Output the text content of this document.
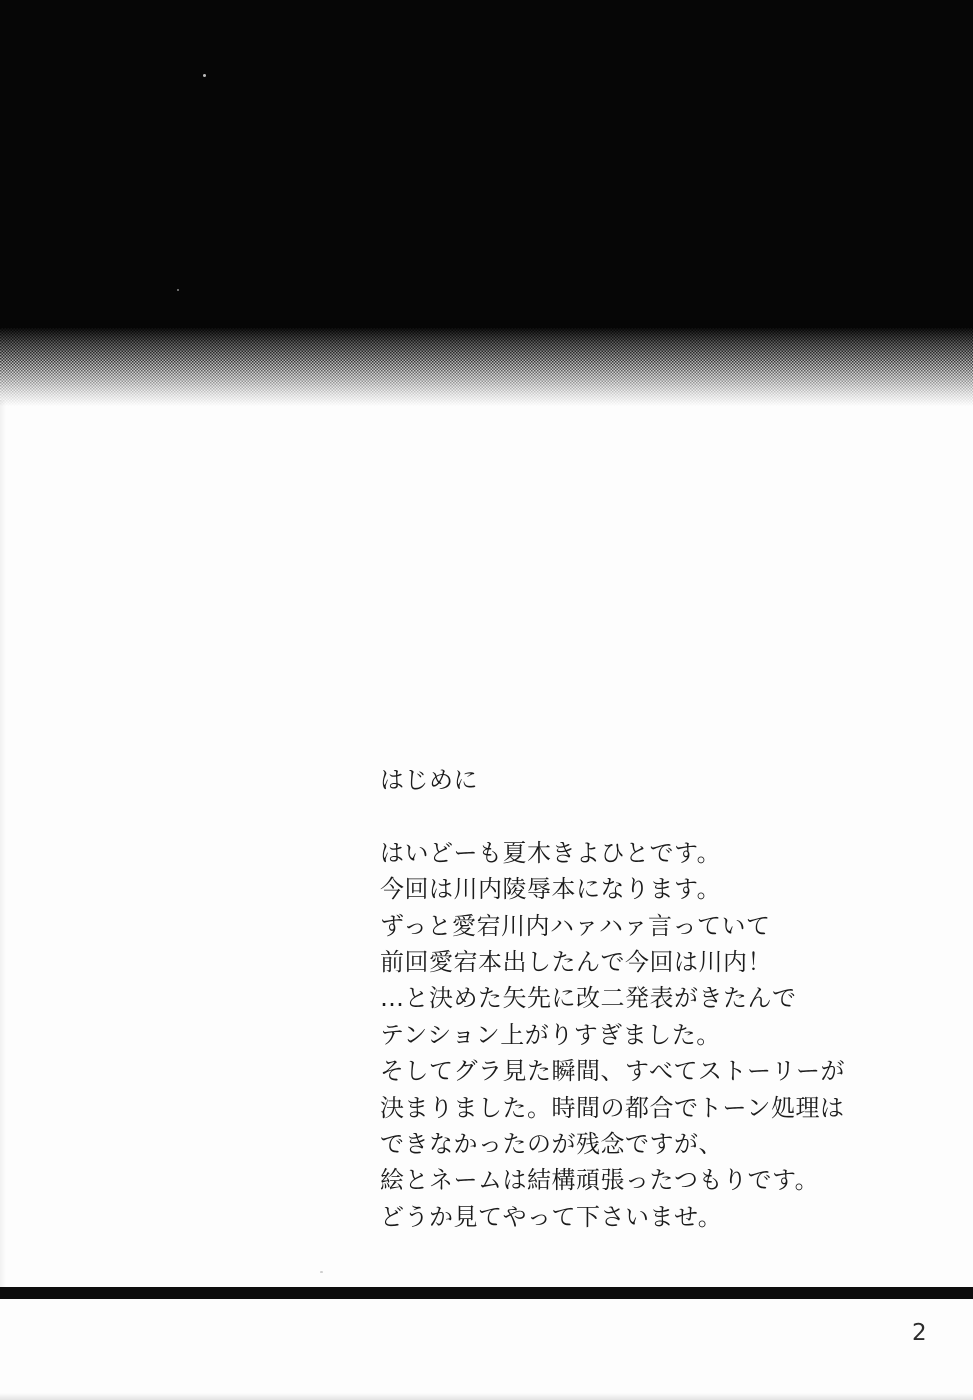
はじめに
はいどーも夏木きよひとです。
今回は川内陵辱本になります。
ずっと愛宕川内ハァハァ言っていて
前回愛宕本出したんで今回は川内！
…と決めた矢先に改二発表がきたんで
テンション上がりすぎました。
そしてグラ見た瞬間、すべてストーリーが
決まりました。時間の都合でトーン処理は
できなかったのが残念ですが、
絵とネームは結構頑張ったつもりです。
どうか見てやって下さいませ。
2
